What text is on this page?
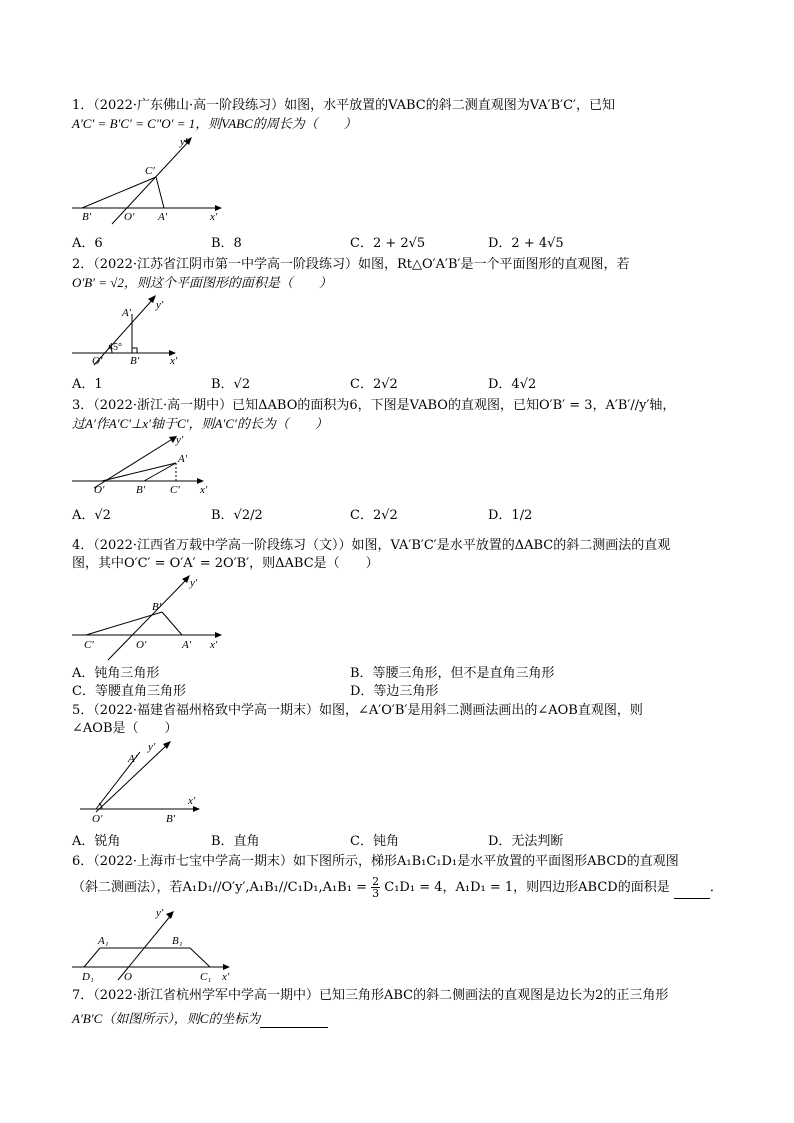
1．（2022·广东佛山·高一阶段练习）如图，水平放置的VABC的斜二测直观图为VA′B′C′，已知
A′C′ = B′C′ = C″O′ = 1，则VABC的周长为（　　）
y′
C′
B′	O′ A′	x′
A．6	B．8	C．2 + 2√5	D．2 + 4√5
2．（2022·江苏省江阴市第一中学高一阶段练习）如图，Rt△O′A′B′是一个平面图形的直观图，若
O′B′ = √2，则这个平面图形的面积是（　　）
y′
A′
45°
O′	B′	x′
A．1	B．√2	C．2√2	D．4√2
3．（2022·浙江·高一期中）已知ΔABO的面积为6，下图是VABO的直观图，已知O′B′ = 3，A′B′//y′轴，
过A′作A′C′⊥x′轴于C′，则A′C′的长为（　　）
y′
A′
O′	B′ C′ x′
A．√2	B．√2/2	C．2√2	D．1/2
4．（2022·江西省万载中学高一阶段练习（文））如图，VA′B′C′是水平放置的ΔABC的斜二测画法的直观
图，其中O′C′ = O′A′ = 2O′B′，则ΔABC是（　　）
y′
B′
C′	O′	A′ x′
A．钝角三角形	B．等腰三角形，但不是直角三角形
C．等腰直角三角形	D．等边三角形
5．（2022·福建省福州格致中学高一期末）如图，∠A′O′B′是用斜二测画法画出的∠AOB直观图，则
∠AOB是（　　）
y′
A′
O′	B′
x′
A．锐角	B．直角	C．钝角	D．无法判断
6．（2022·上海市七宝中学高一期末）如下图所示，梯形A₁B₁C₁D₁是水平放置的平面图形ABCD的直观图
（斜二测画法），若$A_1D_1//O'y',A_1B_1//C_1D_1,A_1B_1 = \frac{2}{3} C_1D_1 = 4$，A₁D₁ = 1，则四边形ABCD的面积是	．
y′
A₁	B₁
D₁	O	C₁ x′
7．（2022·浙江省杭州学军中学高一期中）已知三角形ABC的斜二侧画法的直观图是边长为2的正三角形
A′B′C（如图所示），则C的坐标为
